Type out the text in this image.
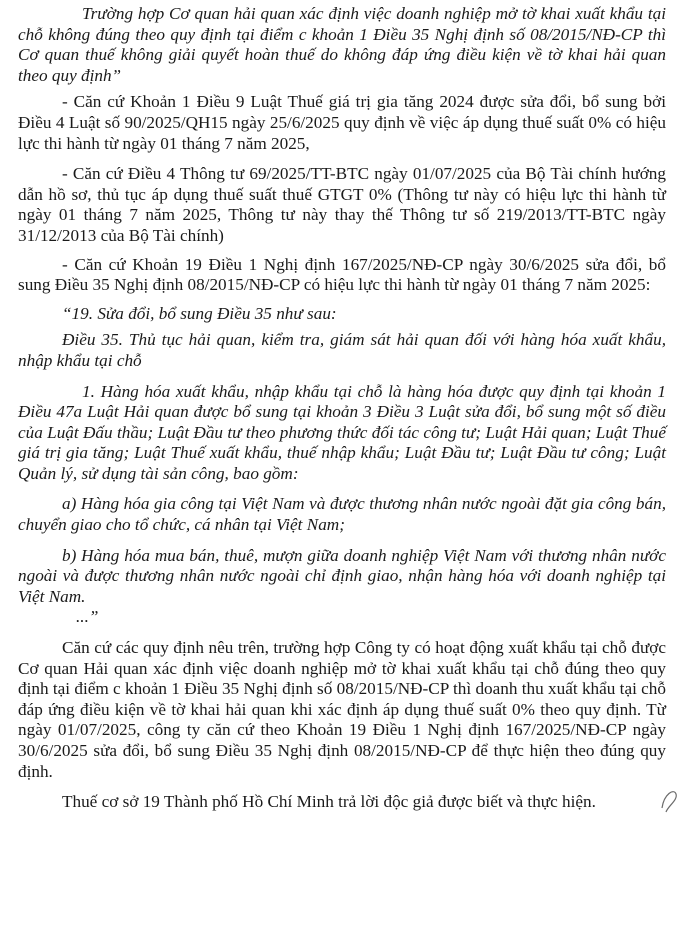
Trường hợp Cơ quan hải quan xác định việc doanh nghiệp mở tờ khai xuất khẩu tại chỗ không đúng theo quy định tại điểm c khoản 1 Điều 35 Nghị định số 08/2015/NĐ-CP thì Cơ quan thuế không giải quyết hoàn thuế do không đáp ứng điều kiện về tờ khai hải quan theo quy định”

- Căn cứ Khoản 1 Điều 9 Luật Thuế giá trị gia tăng 2024 được sửa đổi, bổ sung bởi Điều 4 Luật số 90/2025/QH15 ngày 25/6/2025 quy định về việc áp dụng thuế suất 0% có hiệu lực thi hành từ ngày 01 tháng 7 năm 2025,

- Căn cứ Điều 4 Thông tư 69/2025/TT-BTC ngày 01/07/2025 của Bộ Tài chính hướng dẫn hồ sơ, thủ tục áp dụng thuế suất thuế GTGT 0% (Thông tư này có hiệu lực thi hành từ ngày 01 tháng 7 năm 2025, Thông tư này thay thế Thông tư số 219/2013/TT-BTC ngày 31/12/2013 của Bộ Tài chính)

- Căn cứ Khoản 19 Điều 1 Nghị định 167/2025/NĐ-CP ngày 30/6/2025 sửa đổi, bổ sung Điều 35 Nghị định 08/2015/NĐ-CP có hiệu lực thi hành từ ngày 01 tháng 7 năm 2025:

“19. Sửa đổi, bổ sung Điều 35 như sau:

Điều 35. Thủ tục hải quan, kiểm tra, giám sát hải quan đối với hàng hóa xuất khẩu, nhập khẩu tại chỗ

1. Hàng hóa xuất khẩu, nhập khẩu tại chỗ là hàng hóa được quy định tại khoản 1 Điều 47a Luật Hải quan được bổ sung tại khoản 3 Điều 3 Luật sửa đổi, bổ sung một số điều của Luật Đấu thầu; Luật Đầu tư theo phương thức đối tác công tư; Luật Hải quan; Luật Thuế giá trị gia tăng; Luật Thuế xuất khẩu, thuế nhập khẩu; Luật Đầu tư; Luật Đầu tư công; Luật Quản lý, sử dụng tài sản công, bao gồm:

a) Hàng hóa gia công tại Việt Nam và được thương nhân nước ngoài đặt gia công bán, chuyển giao cho tổ chức, cá nhân tại Việt Nam;

b) Hàng hóa mua bán, thuê, mượn giữa doanh nghiệp Việt Nam với thương nhân nước ngoài và được thương nhân nước ngoài chỉ định giao, nhận hàng hóa với doanh nghiệp tại Việt Nam.

...”

Căn cứ các quy định nêu trên, trường hợp Công ty có hoạt động xuất khẩu tại chỗ được Cơ quan Hải quan xác định việc doanh nghiệp mở tờ khai xuất khẩu tại chỗ đúng theo quy định tại điểm c khoản 1 Điều 35 Nghị định số 08/2015/NĐ-CP thì doanh thu xuất khẩu tại chỗ đáp ứng điều kiện về tờ khai hải quan khi xác định áp dụng thuế suất 0% theo quy định. Từ ngày 01/07/2025, công ty căn cứ theo Khoản 19 Điều 1 Nghị định 167/2025/NĐ-CP ngày 30/6/2025 sửa đổi, bổ sung Điều 35 Nghị định 08/2015/NĐ-CP để thực hiện theo đúng quy định.

Thuế cơ sở 19 Thành phố Hồ Chí Minh trả lời độc giả được biết và thực hiện.
